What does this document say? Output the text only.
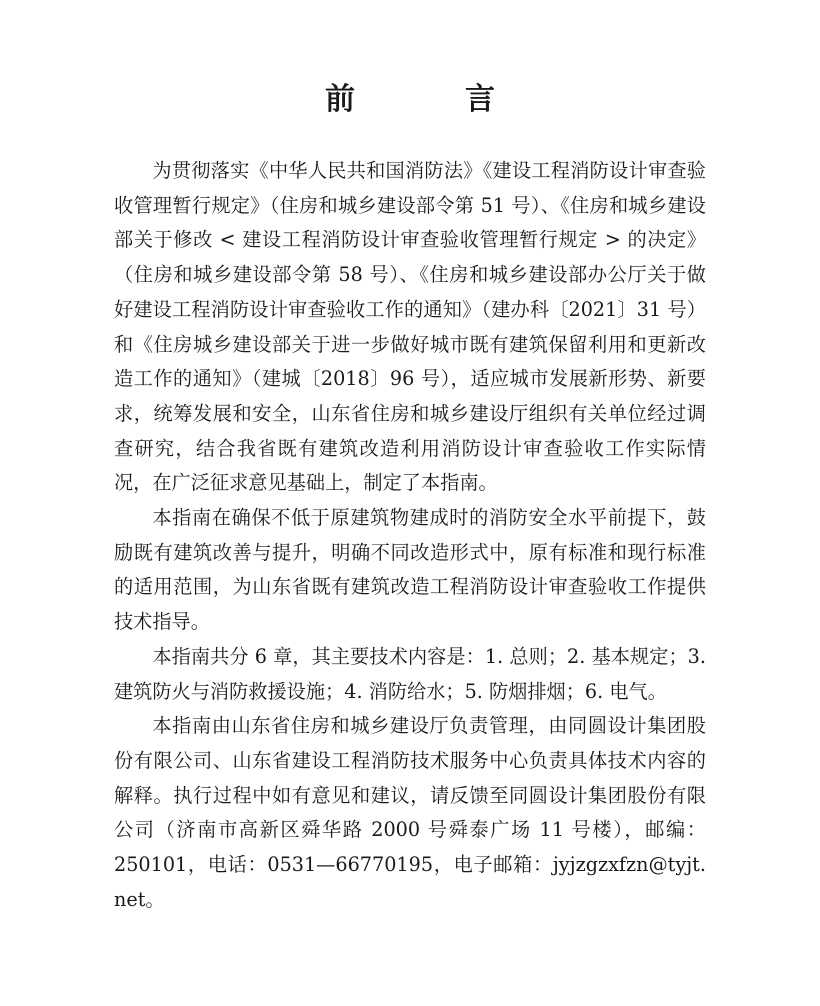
前　言

为贯彻落实《中华人民共和国消防法》《建设工程消防设计审查验收管理暂行规定》（住房和城乡建设部令第 51 号）、《住房和城乡建设部关于修改 < 建设工程消防设计审查验收管理暂行规定 > 的决定》（住房和城乡建设部令第 58 号）、《住房和城乡建设部办公厅关于做好建设工程消防设计审查验收工作的通知》（建办科〔2021〕31 号）和《住房城乡建设部关于进一步做好城市既有建筑保留利用和更新改造工作的通知》（建城〔2018〕96 号），适应城市发展新形势、新要求，统筹发展和安全，山东省住房和城乡建设厅组织有关单位经过调查研究，结合我省既有建筑改造利用消防设计审查验收工作实际情况，在广泛征求意见基础上，制定了本指南。

本指南在确保不低于原建筑物建成时的消防安全水平前提下，鼓励既有建筑改善与提升，明确不同改造形式中，原有标准和现行标准的适用范围，为山东省既有建筑改造工程消防设计审查验收工作提供技术指导。

本指南共分 6 章，其主要技术内容是：1. 总则；2. 基本规定；3. 建筑防火与消防救援设施；4. 消防给水；5. 防烟排烟；6. 电气。

本指南由山东省住房和城乡建设厅负责管理，由同圆设计集团股份有限公司、山东省建设工程消防技术服务中心负责具体技术内容的解释。执行过程中如有意见和建议，请反馈至同圆设计集团股份有限公司（济南市高新区舜华路 2000 号舜泰广场 11 号楼），邮编：250101，电话：0531—66770195，电子邮箱：jyjzgzxfzn@tyjt. net。
